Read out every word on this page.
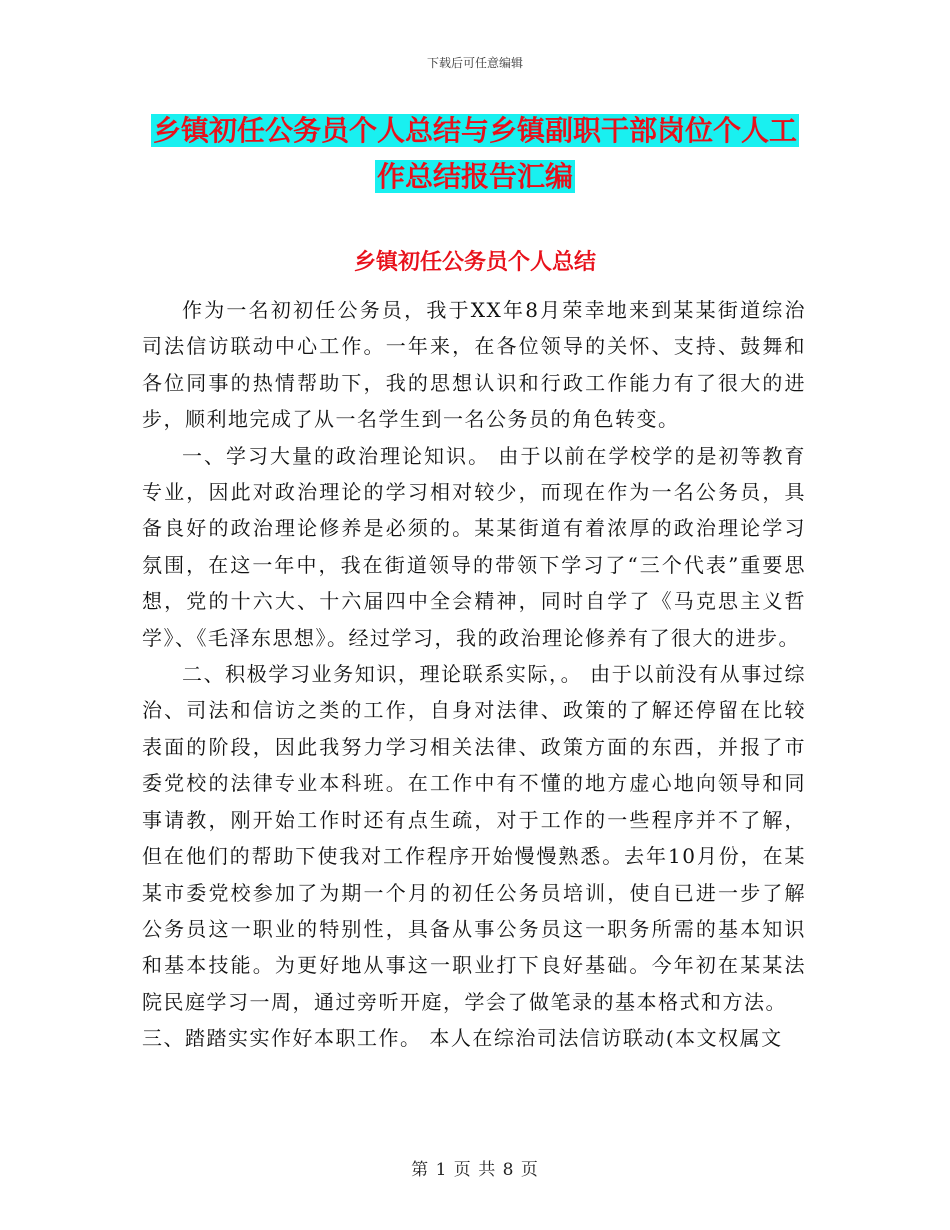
下载后可任意编辑
乡镇初任公务员个人总结与乡镇副职干部岗位个人工
作总结报告汇编
乡镇初任公务员个人总结

作为一名初初任公务员，我于XX年8月荣幸地来到某某街道综治司法信访联动中心工作。一年来，在各位领导的关怀、支持、鼓舞和各位同事的热情帮助下，我的思想认识和行政工作能力有了很大的进步，顺利地完成了从一名学生到一名公务员的角色转变。

一、学习大量的政治理论知识。 由于以前在学校学的是初等教育专业，因此对政治理论的学习相对较少，而现在作为一名公务员，具备良好的政治理论修养是必须的。某某街道有着浓厚的政治理论学习氛围，在这一年中，我在街道领导的带领下学习了“三个代表”重要思想，党的十六大、十六届四中全会精神，同时自学了《马克思主义哲学》、《毛泽东思想》。经过学习，我的政治理论修养有了很大的进步。

二、积极学习业务知识，理论联系实际，。 由于以前没有从事过综治、司法和信访之类的工作，自身对法律、政策的了解还停留在比较表面的阶段，因此我努力学习相关法律、政策方面的东西，并报了市委党校的法律专业本科班。在工作中有不懂的地方虚心地向领导和同事请教，刚开始工作时还有点生疏，对于工作的一些程序并不了解，但在他们的帮助下使我对工作程序开始慢慢熟悉。去年10月份，在某某市委党校参加了为期一个月的初任公务员培训，使自已进一步了解公务员这一职业的特别性，具备从事公务员这一职务所需的基本知识和基本技能。为更好地从事这一职业打下良好基础。今年初在某某法院民庭学习一周，通过旁听开庭，学会了做笔录的基本格式和方法。

三、踏踏实实作好本职工作。 本人在综治司法信访联动(本文权属文

第 1 页 共 8 页
